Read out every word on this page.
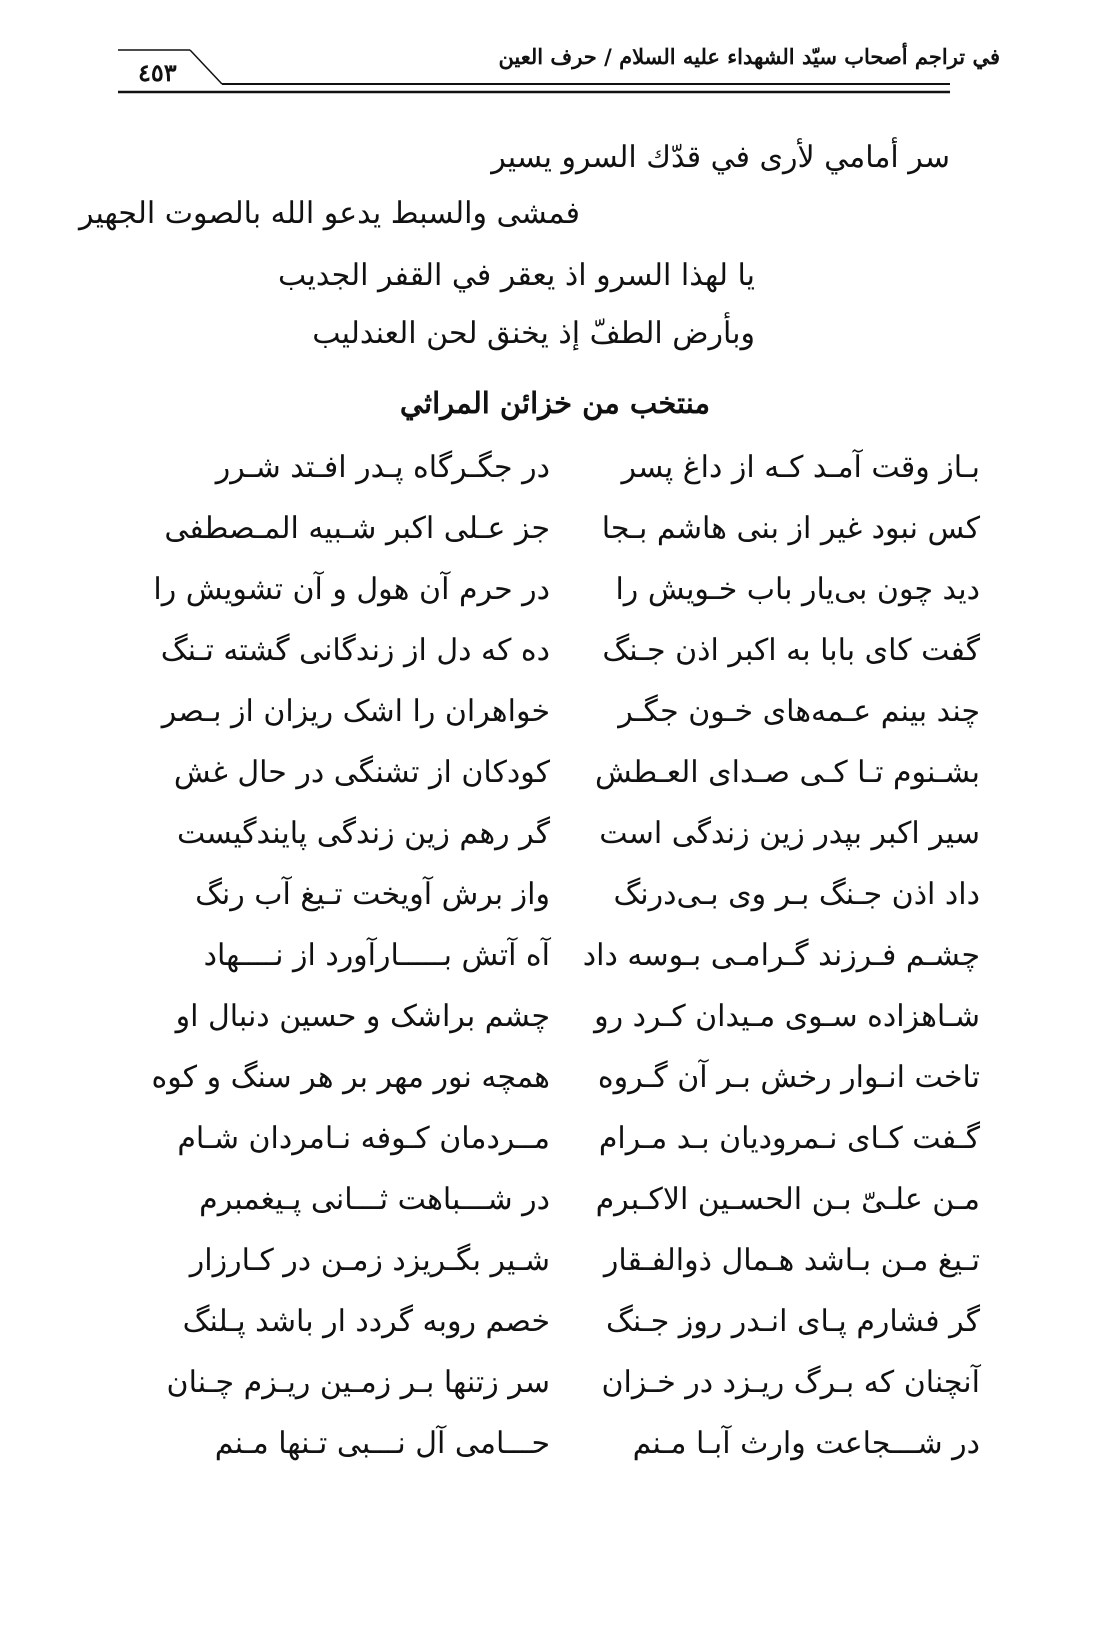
في تراجم أصحاب سيّد الشهداء عليه السلام / حرف العين
٤٥٣
سر أمامي لأرى في قدّك السرو يسير
فمشى والسبط يدعو الله بالصوت الجهير
يا لهذا السرو اذ يعقر في القفر الجديب
وبأرض الطفّ إذ يخنق لحن العندليب
منتخب من خزائن المراثي
بـاز وقت آمـد کـه از داغ پسر
در جگـرگاه پـدر افـتد شـرر
کس نبود غیر از بنی هاشم بـجا
جز عـلی اکبر شـبیه المـصطفی
دید چون بی‌یار باب خـویش را
در حرم آن هول و آن تشویش را
گفت کای بابا به اکبر اذن جـنگ
ده که دل از زندگانی گشته تـنگ
چند بینم عـمه‌های خـون جگـر
خواهران را اشک ریزان از بـصر
بشـنوم تـا کـی صـدای العـطش
کودکان از تشنگی در حال غش
سیر اکبر بپدر زین زندگی است
گر رهم زین زندگی پایندگیست
داد اذن جـنگ بـر وی بـی‌درنگ
واز برش آویخت تـیغ آب رنگ
چشـم فـرزند گـرامـی بـوسه داد
آه آتش بـــــارآورد از نــــهاد
شـاهزاده سـوی مـیدان کـرد رو
چشم براشک و حسین دنبال او
تاخت انـوار رخش بـر آن گـروه
همچه نور مهر بر هر سنگ و کوه
گـفت کـای نـمرودیان بـد مـرام
مــردمان کـوفه نـامردان شـام
مـن علـیّ بـن الحسـین الاکـبرم
در شـــباهت ثـــانی پـیغمبرم
تـیغ مـن بـاشد هـمال ذوالفـقار
شـیر بگـریزد زمـن در کـارزار
گر فشارم پـای انـدر روز جـنگ
خصم روبه گردد ار باشد پـلنگ
آنچنان که بـرگ ریـزد در خـزان
سر زتنها بـر زمـین ریـزم چـنان
در شـــجاعت وارث آبـا مـنم
حـــامی آل نـــبی تـنها مـنم
